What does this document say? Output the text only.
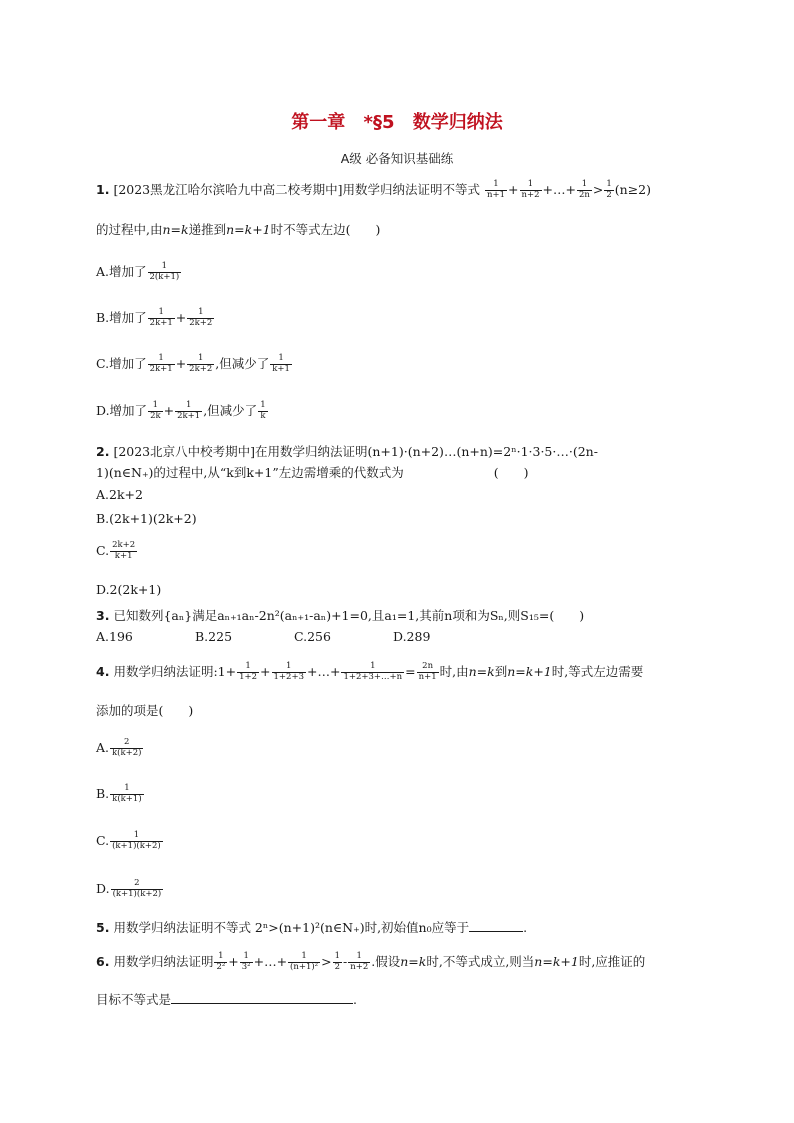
第一章 *§5 数学归纳法
A级 必备知识基础练
1. [2023黑龙江哈尔滨哈九中高二校考期中]用数学归纳法证明不等式 $\frac{1}{n+1} + \frac{1}{n+2}$ +…+ $\frac{1}{2n} > \frac{1}{2} (n\ge 2)$
的过程中,由n=k递推到n=k+1时不等式左边(　　)
A.增加了 $\frac{1}{2(k+1)}$
B.增加了 $\frac{1}{2k+1} + \frac{1}{2k+2}$
C.增加了 $\frac{1}{2k+1} + \frac{1}{2k+2}$ ,但减少了 $\frac{1}{k+1}$
D.增加了 $\frac{1}{2k} + \frac{1}{2k+1}$ ,但减少了 $\frac{1}{k}$
2. [2023北京八中校考期中]在用数学归纳法证明(n+1)·(n+2)…(n+n)=2ⁿ·1·3·5·…·(2n-
1)(n∈N₊)的过程中,从“k到k+1”左边需增乘的代数式为	(　　)
A.2k+2
B.(2k+1)(2k+2)
C. $\frac{2k+2}{k+1}$
D.2(2k+1)
3. 已知数列{aₙ}满足aₙ₊₁aₙ-2n²(aₙ₊₁-aₙ)+1=0,且a₁=1,其前n项和为Sₙ,则S₁₅=(　　)
A.196	B.225	C.256	D.289
4. 用数学归纳法证明:1+ $\frac{1}{1+2} + \frac{1}{1+2+3}$ +…+ $\frac{1}{1+2+3+\dots+n} = \frac{2n}{n+1}$ 时,由n=k到n=k+1时,等式左边需要
添加的项是(　　)
A. $\frac{2}{k(k+2)}$
B. $\frac{1}{k(k+1)}$
C. $\frac{1}{(k+1)(k+2)}$
D. $\frac{2}{(k+1)(k+2)}$
5. 用数学归纳法证明不等式 2ⁿ>(n+1)²(n∈N₊)时,初始值n₀应等于	.
6. 用数学归纳法证明 $\frac{1}{\text{2²}} + \frac{1}{\text{3²}}$ +…+ $\frac{1}{\text{(n+1)²}} > \frac{1}{2} - \frac{1}{n+2}$ .假设n=k时,不等式成立,则当n=k+1时,应推证的
目标不等式是	.
